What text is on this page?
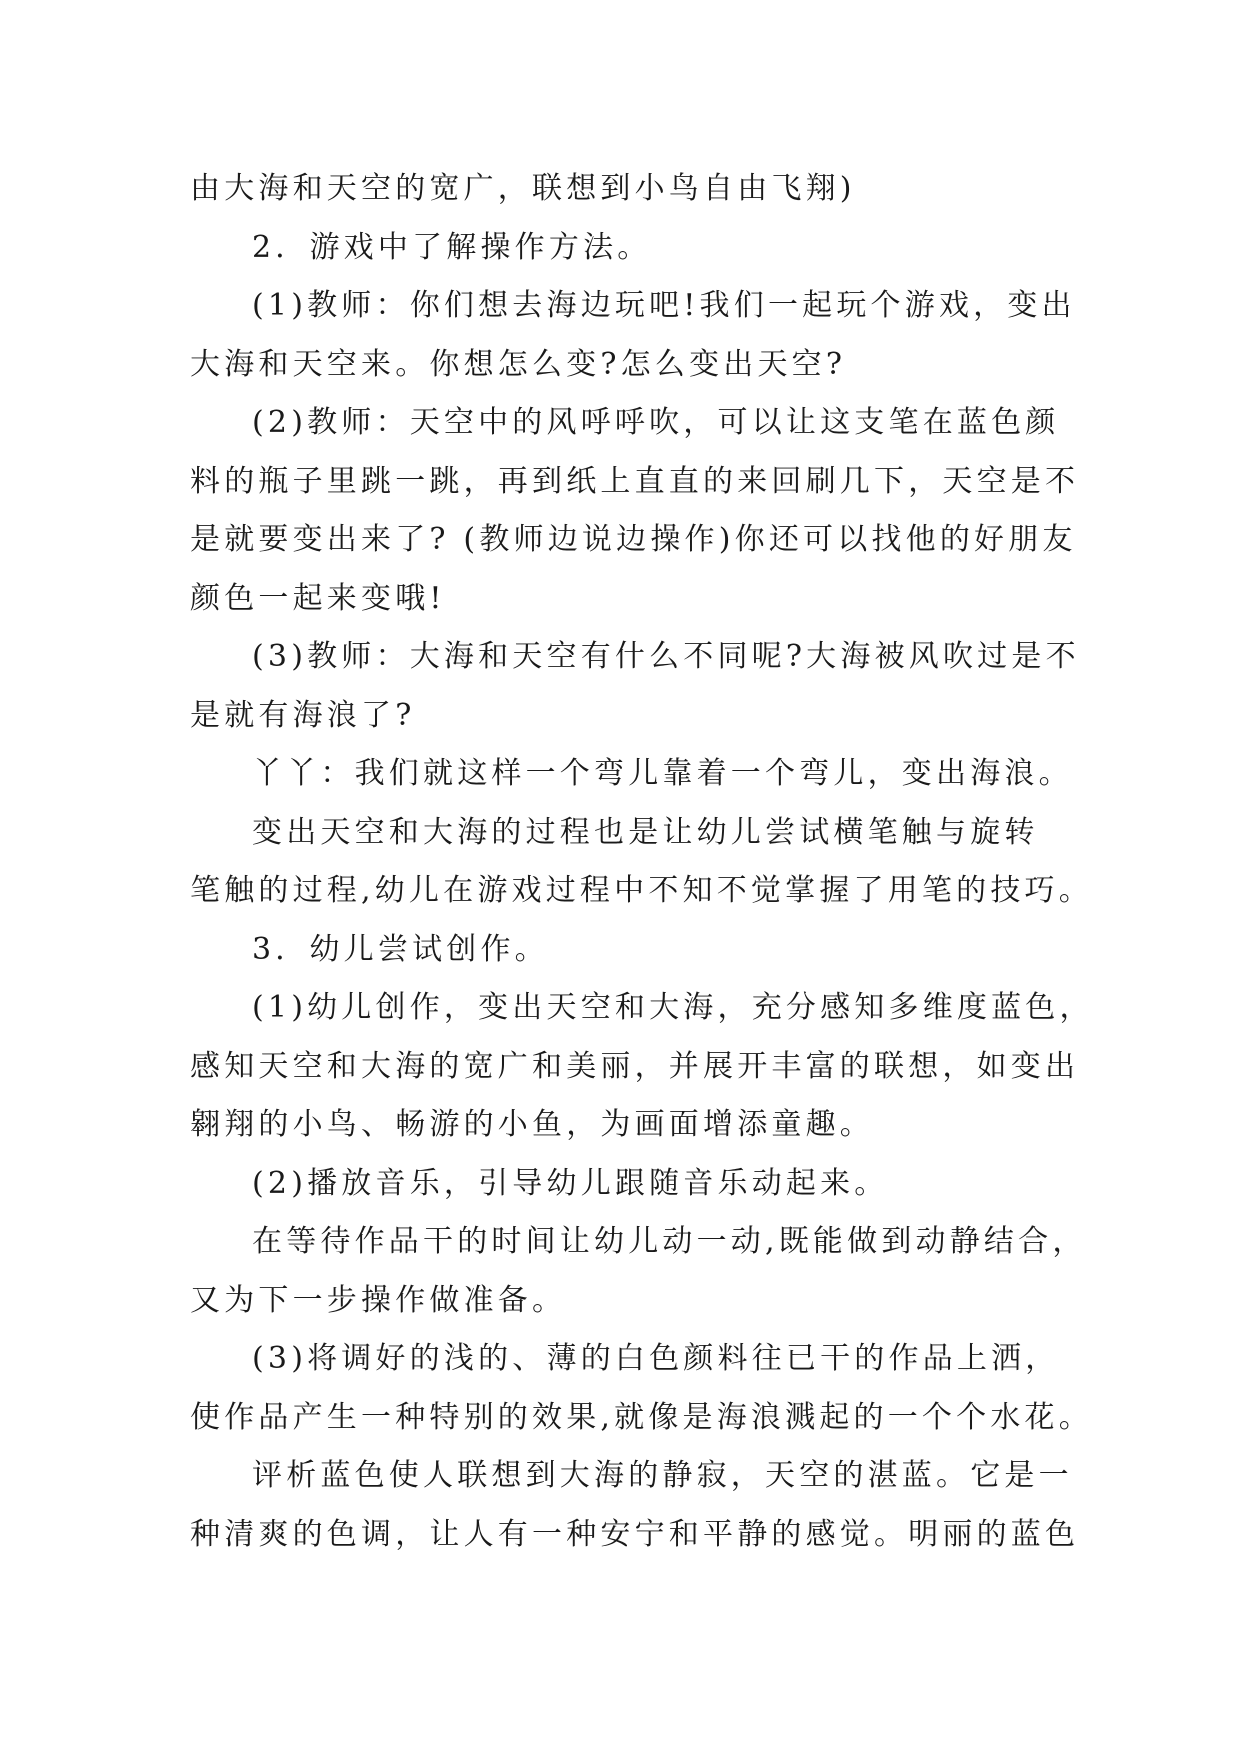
由大海和天空的宽广，联想到小鸟自由飞翔)
2．游戏中了解操作方法。
(1)教师：你们想去海边玩吧!我们一起玩个游戏，变出
大海和天空来。你想怎么变?怎么变出天空?
(2)教师：天空中的风呼呼吹，可以让这支笔在蓝色颜
料的瓶子里跳一跳，再到纸上直直的来回刷几下，天空是不
是就要变出来了? (教师边说边操作)你还可以找他的好朋友
颜色一起来变哦!
(3)教师：大海和天空有什么不同呢?大海被风吹过是不
是就有海浪了?
丫丫：我们就这样一个弯儿靠着一个弯儿，变出海浪。
变出天空和大海的过程也是让幼儿尝试横笔触与旋转
笔触的过程,幼儿在游戏过程中不知不觉掌握了用笔的技巧。
3．幼儿尝试创作。
(1)幼儿创作，变出天空和大海，充分感知多维度蓝色，
感知天空和大海的宽广和美丽，并展开丰富的联想，如变出
翱翔的小鸟、畅游的小鱼，为画面增添童趣。
(2)播放音乐，引导幼儿跟随音乐动起来。
在等待作品干的时间让幼儿动一动,既能做到动静结合，
又为下一步操作做准备。
(3)将调好的浅的、薄的白色颜料往已干的作品上洒，
使作品产生一种特别的效果,就像是海浪溅起的一个个水花。
评析蓝色使人联想到大海的静寂，天空的湛蓝。它是一
种清爽的色调，让人有一种安宁和平静的感觉。明丽的蓝色
